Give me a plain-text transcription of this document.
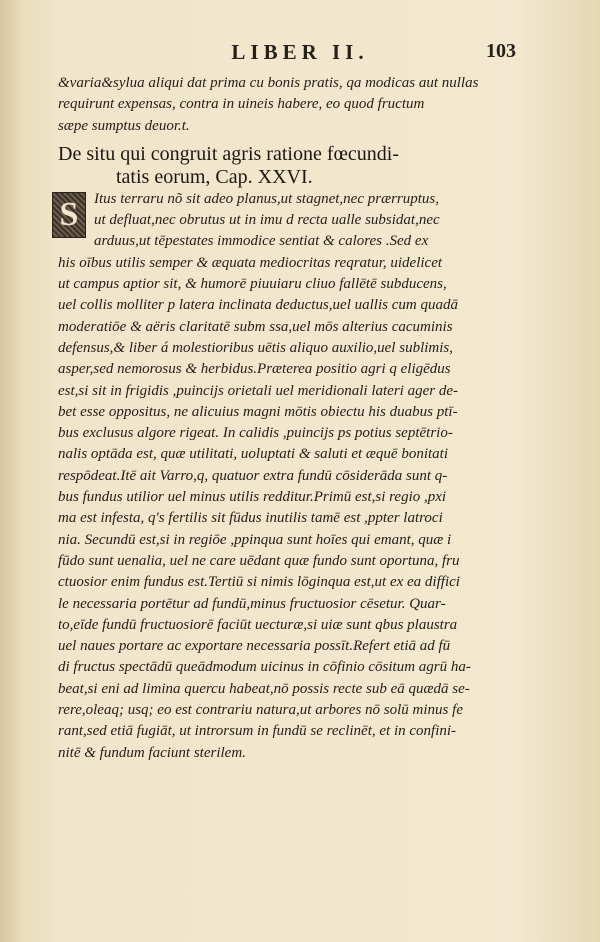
LIBER II.	103
&varia&sylua aliqui dat prima cu bonis pratis, qa modicas aut nullas
requirunt expensas, contra in uineis habere, eo quod fructum
sæpe sumptus deuor.t.
De situ qui congruit agris ratione fœcundi-
tatis eorum, Cap. XXVI.
S	Itus terraru nõ sit adeo planus,ut stagnet,nec prærruptus,
ut defluat,nec obrutus ut in imu d recta ualle subsidat,nec
arduus,ut tēpestates immodice sentiat & calores .Sed ex
his oībus utilis semper & æquata mediocritas reqratur, uidelicet
ut campus aptior sit, & humorē piuuiaru cliuo fallētē subducens,
uel collis molliter p latera inclinata deductus,uel uallis cum quadā
moderatiōe & aëris claritatē subm ssa,uel mōs alterius cacuminis
defensus,& liber á molestioribus uētis aliquo auxilio,uel sublimis,
asper,sed nemorosus & herbidus.Præterea positio agri q eligēdus
est,si sit in frigidis ,puincijs orietali uel meridionali lateri ager de-
bet esse oppositus, ne alicuius magni mōtis obiectu his duabus ptī-
bus exclusus algore rigeat. In calidis ,puincijs ps potius septētrio-
nalis optāda est, quæ utilitati, uoluptati & saluti et æquē bonitati
respōdeat.Itē ait Varro,q, quatuor extra fundū cōsiderāda sunt q-
bus fundus utilior uel minus utilis redditur.Primū est,si regio ,pxi
ma est infesta, q's fertilis sit fūdus inutilis tamē est ,ppter latroci
nia. Secundū est,si in regiōe ,ppinqua sunt hoīes qui emant, quæ i
fūdo sunt uenalia, uel ne care uēdant quæ fundo sunt oportuna, fru
ctuosior enim fundus est.Tertiū si nimis lōginqua est,ut ex ea diffici
le necessaria portētur ad fundū,minus fructuosior cēsetur. Quar-
to,eīde fundū fructuosiorē faciūt uecturæ,si uiæ sunt qbus plaustra
uel naues portare ac exportare necessaria possīt.Refert etiā ad fū
di fructus spectādū queādmodum uicinus in cōfinio cōsitum agrū ha-
beat,si eni ad limina quercu habeat,nō possis recte sub eā quædā se-
rere,oleaq; usq; eo est contrariu natura,ut arbores nō solū minus fe
rant,sed etiā fugiāt, ut introrsum in fundū se reclinēt, et in confini-
nitē & fundum faciunt sterilem.
